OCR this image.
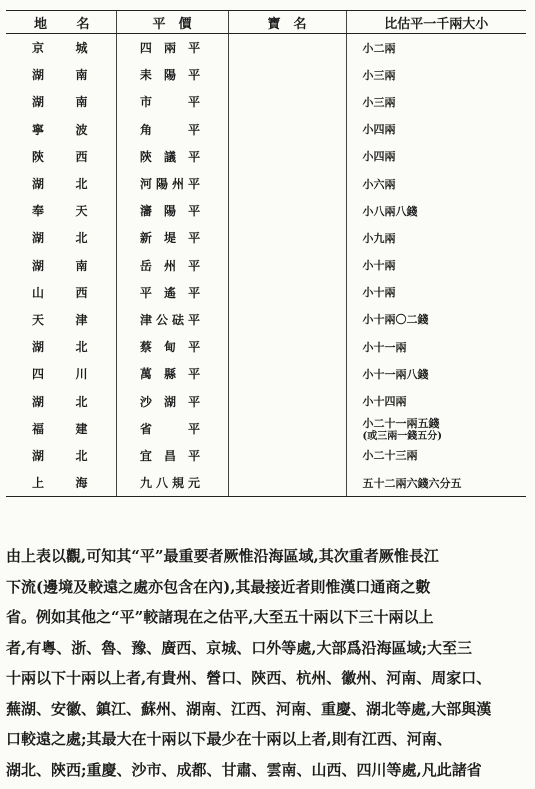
地 名	平　價	寶　名	比估平一千兩大小

京 城	四 兩 平		小二兩

湖 南	耒 陽 平		小三兩

湖 南	市　　平		小三兩

寧 波	角　　平		小四兩

陝 西	陝 議 平		小四兩

湖 北	河陽州平		小六兩

奉 天	瀋 陽 平		小八兩八錢

湖 北	新 堤 平		小九兩

湖 南	岳 州 平		小十兩

山 西	平 遙 平		小十兩

天 津	津公砝平		小十兩〇二錢

湖 北	蔡 甸 平		小十一兩

四 川	萬 縣 平		小十一兩八錢

湖 北	沙 湖 平		小十四兩

福 建	省　　平		小二十一兩五錢
(或三兩一錢五分)

湖 北	宜 昌 平		小二十三兩

上 海	九八規元		五十二兩六錢六分五

由上表以觀,可知其“平”最重要者厥惟沿海區域,其次重者厥惟長江

下流(邊境及較遠之處亦包含在內),其最接近者則惟漢口通商之數

省。例如其他之“平”較諸現在之估平,大至五十兩以下三十兩以上

者,有粵、浙、魯、豫、廣西、京城、口外等處,大部爲沿海區域;大至三

十兩以下十兩以上者,有貴州、營口、陝西、杭州、徽州、河南、周家口、

蕪湖、安徽、鎮江、蘇州、湖南、江西、河南、重慶、湖北等處,大部與漢

口較遠之處;其最大在十兩以下最少在十兩以上者,則有江西、河南、

湖北、陝西;重慶、沙市、成都、甘肅、雲南、山西、四川等處,凡此諸省
